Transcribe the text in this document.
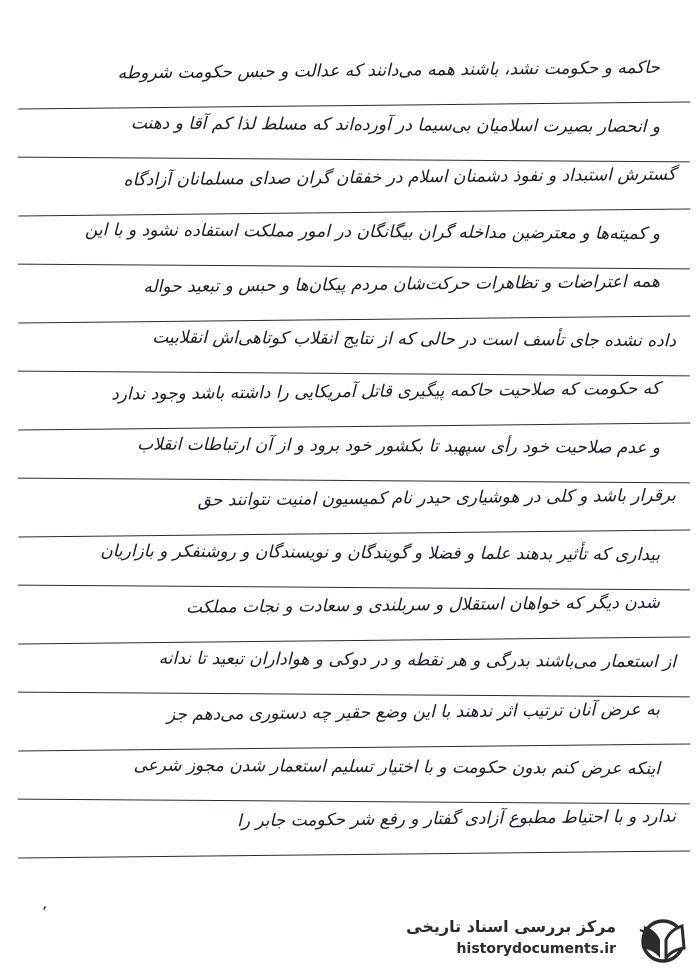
حاکمه و حکومت نشد، باشند همه می‌دانند که عدالت و حبس حکومت شروطه
و انحصار بصیرت اسلامیان بی‌سیما در آورده‌اند که مسلط لذا کم آقا و دهنت
گسترش استبداد و نفوذ دشمنان اسلام در خفقان گران صدای مسلمانان آزادگاه
و کمیته‌ها و معترضین مداخله گران بیگانگان در امور مملکت استفاده نشود و با این
همه اعتراضات و تظاهرات حرکت‌شان مردم پیکان‌ها و حبس و تبعید حواله
داده نشده جای تأسف است در حالی که از نتایج انقلاب کوتاهی‌اش انقلابیت
که حکومت که صلاحیت حاکمه پیگیری قاتل آمریکایی را داشته باشد وجود ندارد
و عدم صلاحیت خود رأی سپهبد تا بکشور خود برود و از آن ارتباطات انقلاب
برقرار باشد و کلی در هوشیاری حیدر نام کمیسیون امنیت نتوانند حق
بیداری که تأثیر بدهند علما و فضلا و گویندگان و نویسندگان و روشنفکر و بازاریان
شدن دیگر که خواهان استقلال و سربلندی و سعادت و نجات مملکت
از استعمار می‌باشند بدرگی و هر نقطه و در دوکی و هواداران تبعید تا ندانه
به عرض آنان ترتیب اثر ندهند با این وضع حقیر چه دستوری می‌دهم جز
اینکه عرض کنم بدون حکومت و با اختیار تسلیم استعمار شدن مجوز شرعی
ندارد و با احتیاط مطبوع آزادی گفتار و رفع شر حکومت جابر را
٬
مرکز بررسی اسناد تاریخی
historydocuments.ir
